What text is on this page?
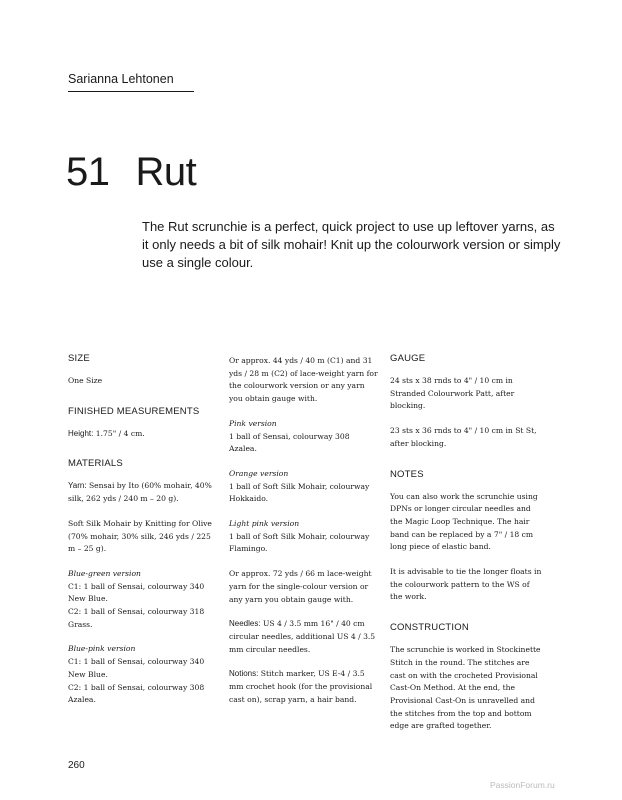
Sarianna Lehtonen
51 Rut
The Rut scrunchie is a perfect, quick project to use up leftover yarns, as it only needs a bit of silk mohair! Knit up the colourwork version or simply use a single colour.
SIZE
One Size
FINISHED MEASUREMENTS
Height: 1.75" / 4 cm.
MATERIALS
Yarn: Sensai by Ito (60% mohair, 40% silk, 262 yds / 240 m – 20 g).
Soft Silk Mohair by Knitting for Olive (70% mohair, 30% silk, 246 yds / 225 m – 25 g).
Blue-green version
C1: 1 ball of Sensai, colourway 340 New Blue.
C2: 1 ball of Sensai, colourway 318 Grass.
Blue-pink version
C1: 1 ball of Sensai, colourway 340 New Blue.
C2: 1 ball of Sensai, colourway 308 Azalea.
Or approx. 44 yds / 40 m (C1) and 31 yds / 28 m (C2) of lace-weight yarn for the colourwork version or any yarn you obtain gauge with.
Pink version
1 ball of Sensai, colourway 308 Azalea.
Orange version
1 ball of Soft Silk Mohair, colourway Hokkaido.
Light pink version
1 ball of Soft Silk Mohair, colourway Flamingo.
Or approx. 72 yds / 66 m lace-weight yarn for the single-colour version or any yarn you obtain gauge with.
Needles: US 4 / 3.5 mm 16" / 40 cm circular needles, additional US 4 / 3.5 mm circular needles.
Notions: Stitch marker, US E-4 / 3.5 mm crochet hook (for the provisional cast on), scrap yarn, a hair band.
GAUGE
24 sts x 38 rnds to 4" / 10 cm in Stranded Colourwork Patt, after blocking.
23 sts x 36 rnds to 4" / 10 cm in St St, after blocking.
NOTES
You can also work the scrunchie using DPNs or longer circular needles and the Magic Loop Technique. The hair band can be replaced by a 7" / 18 cm long piece of elastic band.
It is advisable to tie the longer floats in the colourwork pattern to the WS of the work.
CONSTRUCTION
The scrunchie is worked in Stockinette Stitch in the round. The stitches are cast on with the crocheted Provisional Cast-On Method. At the end, the Provisional Cast-On is unravelled and the stitches from the top and bottom edge are grafted together.
260
PassionForum.ru
